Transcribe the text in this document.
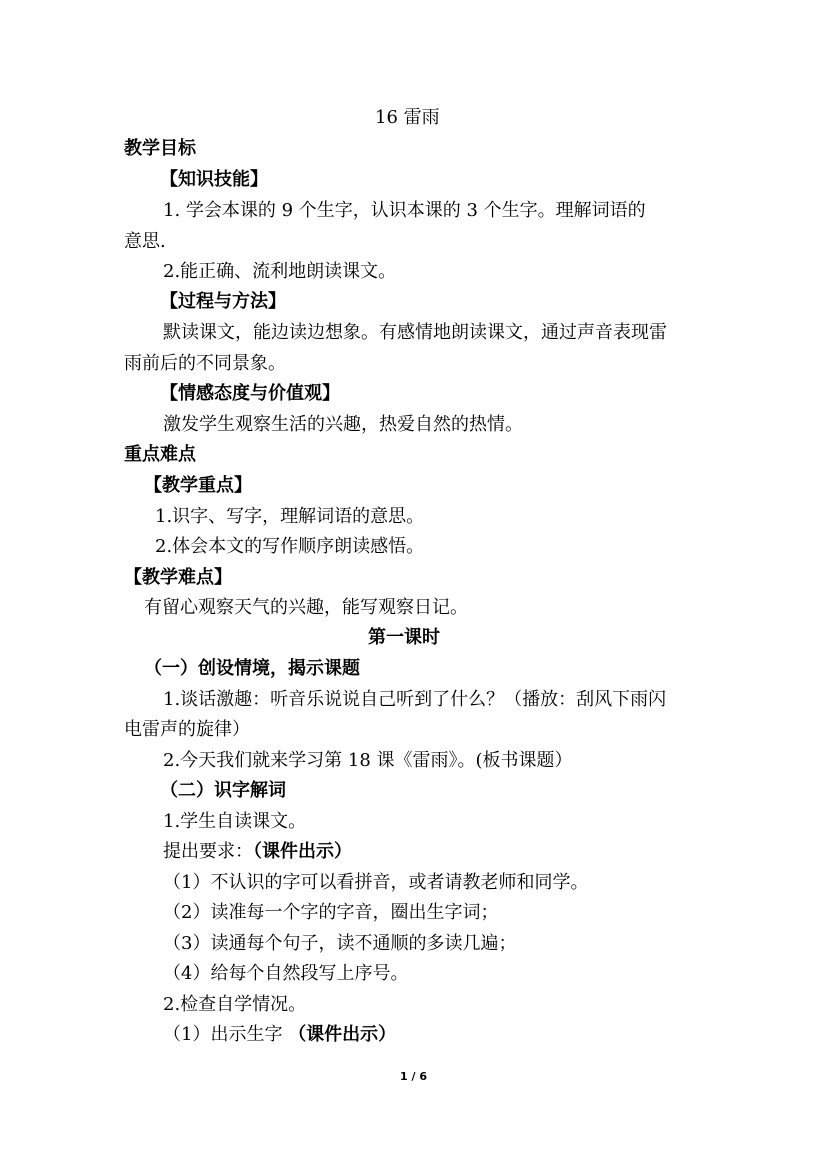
16 雷雨
教学目标
【知识技能】
1. 学会本课的 9 个生字，认识本课的 3 个生字。理解词语的
意思.
2.能正确、流利地朗读课文。
【过程与方法】
默读课文，能边读边想象。有感情地朗读课文，通过声音表现雷
雨前后的不同景象。
【情感态度与价值观】
激发学生观察生活的兴趣，热爱自然的热情。
重点难点
【教学重点】
1.识字、写字，理解词语的意思。
2.体会本文的写作顺序朗读感悟。
【教学难点】
有留心观察天气的兴趣，能写观察日记。
第一课时
（一）创设情境，揭示课题
1.谈话激趣：听音乐说说自己听到了什么？（播放：刮风下雨闪
电雷声的旋律）
2.今天我们就来学习第 18 课《雷雨》。(板书课题）
（二）识字解词
1.学生自读课文。
提出要求：（课件出示）
（1）不认识的字可以看拼音，或者请教老师和同学。
（2）读准每一个字的字音，圈出生字词；
（3）读通每个句子，读不通顺的多读几遍；
（4）给每个自然段写上序号。
2.检查自学情况。
（1）出示生字 （课件出示）
1 / 6
